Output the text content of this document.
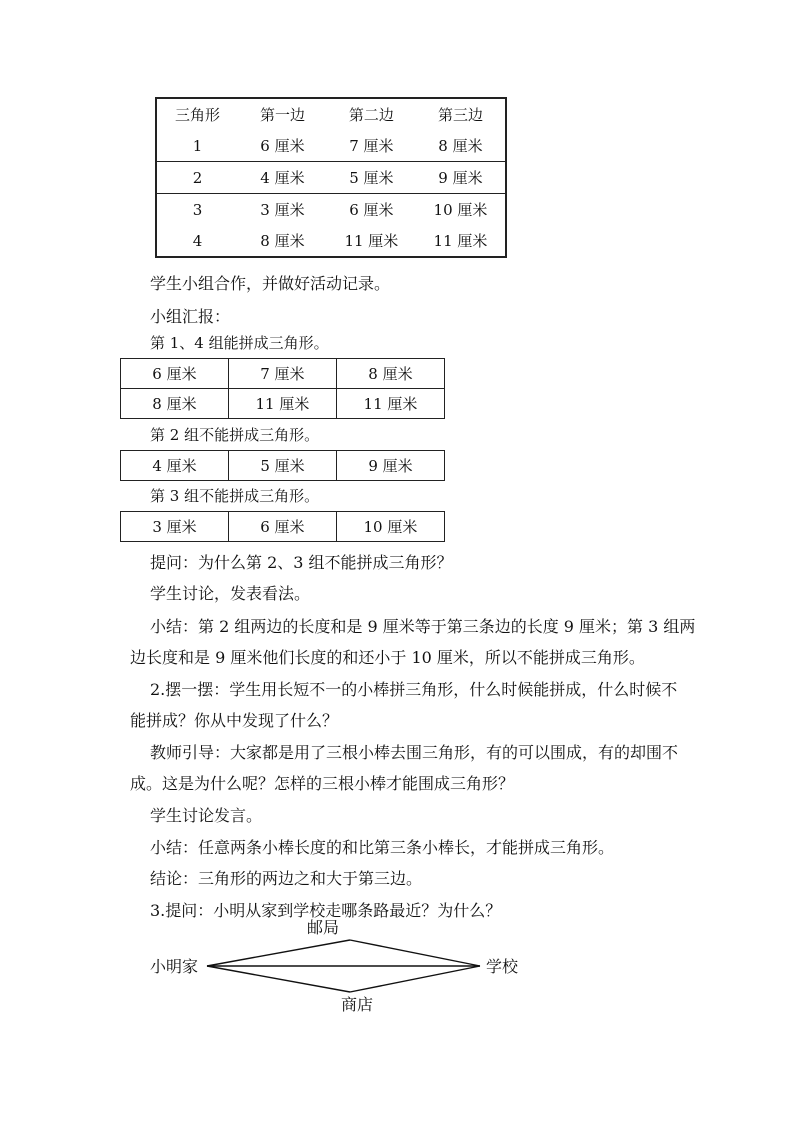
三角形	第一边	第二边	第三边
1	6 厘米	7 厘米	8 厘米
2	4 厘米	5 厘米	9 厘米
3	3 厘米	6 厘米	10 厘米
4	8 厘米	11 厘米	11 厘米
学生小组合作，并做好活动记录。
小组汇报：
第 1、4 组能拼成三角形。
6 厘米	7 厘米	8 厘米
8 厘米	11 厘米	11 厘米
第 2 组不能拼成三角形。
4 厘米	5 厘米	9 厘米
第 3 组不能拼成三角形。
3 厘米	6 厘米	10 厘米
提问：为什么第 2、3 组不能拼成三角形？
学生讨论，发表看法。
小结：第 2 组两边的长度和是 9 厘米等于第三条边的长度 9 厘米；第 3 组两
边长度和是 9 厘米他们长度的和还小于 10 厘米，所以不能拼成三角形。
2.摆一摆：学生用长短不一的小棒拼三角形，什么时候能拼成，什么时候不
能拼成？你从中发现了什么？
教师引导：大家都是用了三根小棒去围三角形，有的可以围成，有的却围不
成。这是为什么呢？怎样的三根小棒才能围成三角形？
学生讨论发言。
小结：任意两条小棒长度的和比第三条小棒长，才能拼成三角形。
结论：三角形的两边之和大于第三边。
3.提问：小明从家到学校走哪条路最近？为什么？
邮局
小明家	学校
商店
